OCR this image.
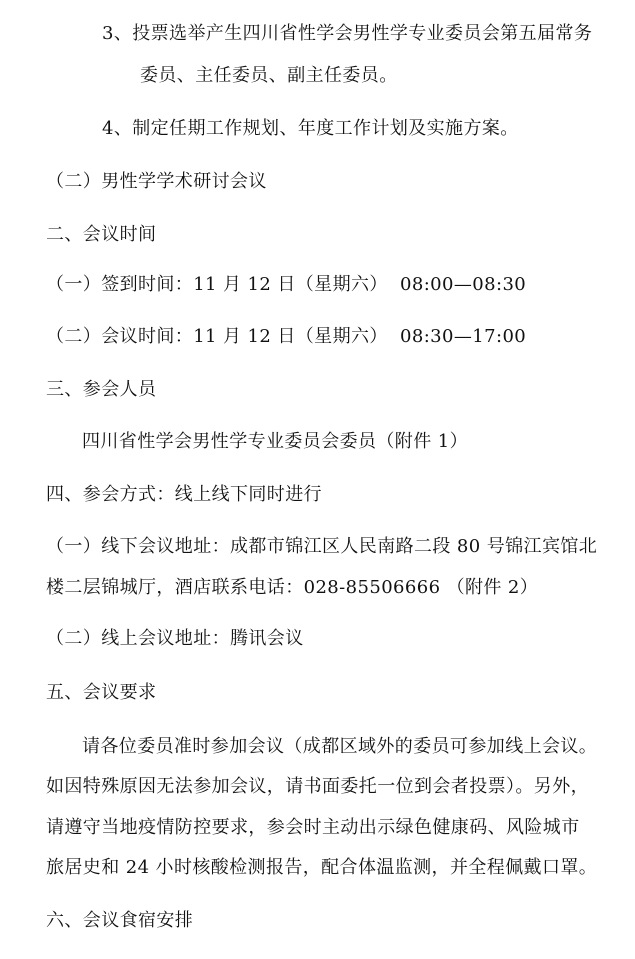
3、投票选举产生四川省性学会男性学专业委员会第五届常务
委员、主任委员、副主任委员。
4、制定任期工作规划、年度工作计划及实施方案。
（二）男性学学术研讨会议
二、会议时间
（一）签到时间：11 月 12 日（星期六） 08:00—08:30
（二）会议时间：11 月 12 日（星期六） 08:30—17:00
三、参会人员
四川省性学会男性学专业委员会委员（附件 1）
四、参会方式：线上线下同时进行
（一）线下会议地址：成都市锦江区人民南路二段 80 号锦江宾馆北
楼二层锦城厅，酒店联系电话：028-85506666 （附件 2）
（二）线上会议地址：腾讯会议
五、会议要求
请各位委员准时参加会议（成都区域外的委员可参加线上会议。
如因特殊原因无法参加会议，请书面委托一位到会者投票）。另外，
请遵守当地疫情防控要求，参会时主动出示绿色健康码、风险城市
旅居史和 24 小时核酸检测报告，配合体温监测，并全程佩戴口罩。
六、会议食宿安排
